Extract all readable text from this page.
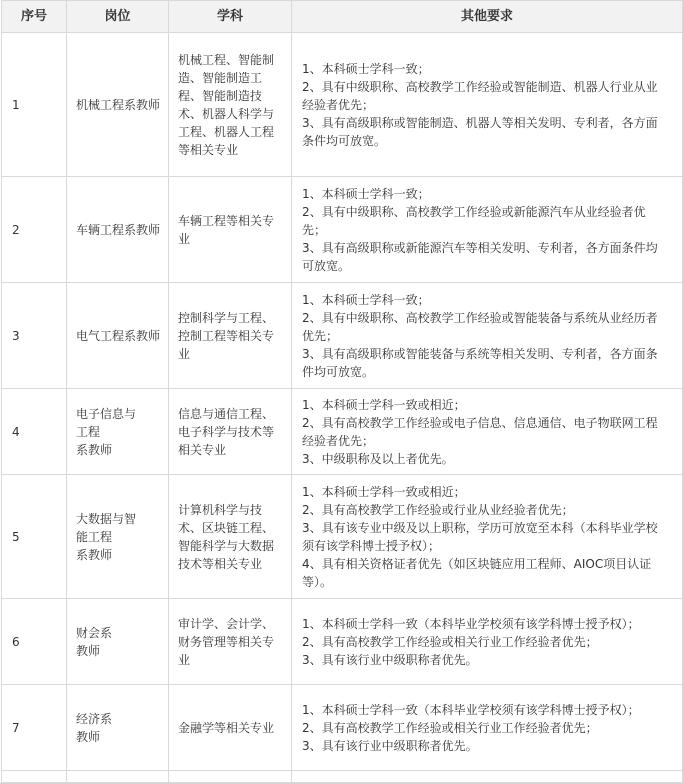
序号	岗位	学科	其他要求
1	机械工程系教师	机械工程、智能制造、智能制造工程、智能制造技术、机器人科学与工程、机器人工程等相关专业	1、本科硕士学科一致；
2、具有中级职称、高校教学工作经验或智能制造、机器人行业从业经验者优先；
3、具有高级职称或智能制造、机器人等相关发明、专利者，各方面条件均可放宽。

2	车辆工程系教师	车辆工程等相关专业	1、本科硕士学科一致；
2、具有中级职称、高校教学工作经验或新能源汽车从业经验者优先；
3、具有高级职称或新能源汽车等相关发明、专利者，各方面条件均可放宽。

3	电气工程系教师	控制科学与工程、控制工程等相关专业	1、本科硕士学科一致；
2、具有中级职称、高校教学工作经验或智能装备与系统从业经历者优先；
3、具有高级职称或智能装备与系统等相关发明、专利者，各方面条件均可放宽。

4	电子信息与
工程
系教师	信息与通信工程、电子科学与技术等相关专业	1、本科硕士学科一致或相近；
2、具有高校教学工作经验或电子信息、信息通信、电子物联网工程经验者优先；
3、中级职称及以上者优先。

5	大数据与智
能工程
系教师	计算机科学与技术、区块链工程、智能科学与大数据技术等相关专业	1、本科硕士学科一致或相近；
2、具有高校教学工作经验或行业从业经验者优先；
3、具有该专业中级及以上职称，学历可放宽至本科（本科毕业学校须有该学科博士授予权）；
4、具有相关资格证者优先（如区块链应用工程师、AIOC项目认证等）。

6	财会系
教师	审计学、会计学、财务管理等相关专业	1、本科硕士学科一致（本科毕业学校须有该学科博士授予权）；
2、具有高校教学工作经验或相关行业工作经验者优先；
3、具有该行业中级职称者优先。

7	经济系
教师	金融学等相关专业	1、本科硕士学科一致（本科毕业学校须有该学科博士授予权）；
2、具有高校教学工作经验或相关行业工作经验者优先；
3、具有该行业中级职称者优先。
